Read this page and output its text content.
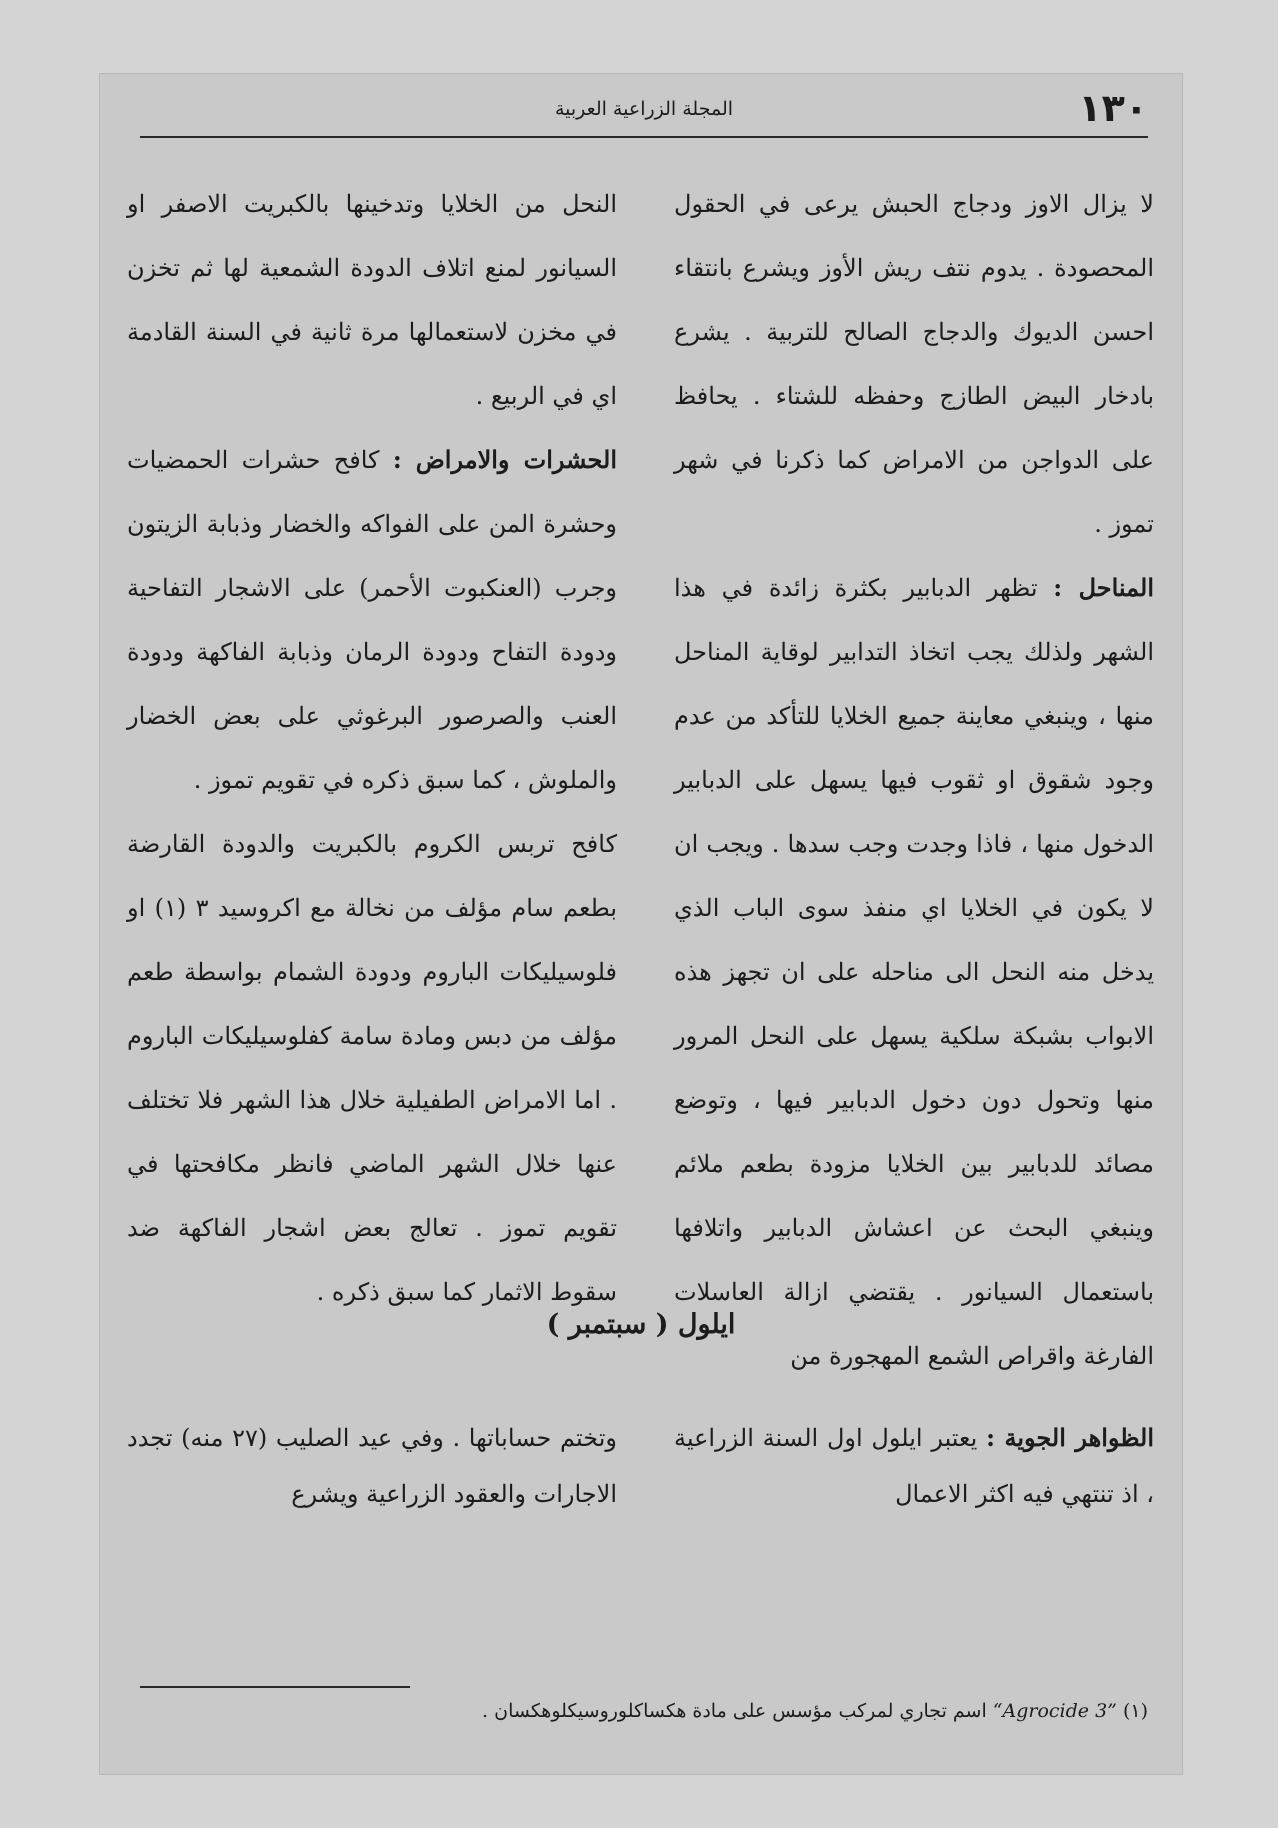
١٣٠
المجلة الزراعية العربية

لا يزال الاوز ودجاج الحبش يرعى في الحقول المحصودة . يدوم نتف ريش الأوز ويشرع بانتقاء احسن الديوك والدجاج الصالح للتربية . يشرع بادخار البيض الطازج وحفظه للشتاء . يحافظ على الدواجن من الامراض كما ذكرنا في شهر تموز .

المناحل : تظهر الدبابير بكثرة زائدة في هذا الشهر ولذلك يجب اتخاذ التدابير لوقاية المناحل منها ، وينبغي معاينة جميع الخلايا للتأكد من عدم وجود شقوق او ثقوب فيها يسهل على الدبابير الدخول منها ، فاذا وجدت وجب سدها . ويجب ان لا يكون في الخلايا اي منفذ سوى الباب الذي يدخل منه النحل الى مناحله على ان تجهز هذه الابواب بشبكة سلكية يسهل على النحل المرور منها وتحول دون دخول الدبابير فيها ، وتوضع مصائد للدبابير بين الخلايا مزودة بطعم ملائم وينبغي البحث عن اعشاش الدبابير واتلافها باستعمال السيانور . يقتضي ازالة العاسلات الفارغة واقراص الشمع المهجورة من

النحل من الخلايا وتدخينها بالكبريت الاصفر او السيانور لمنع اتلاف الدودة الشمعية لها ثم تخزن في مخزن لاستعمالها مرة ثانية في السنة القادمة اي في الربيع .

الحشرات والامراض : كافح حشرات الحمضيات وحشرة المن على الفواكه والخضار وذبابة الزيتون وجرب (العنكبوت الأحمر) على الاشجار التفاحية ودودة التفاح ودودة الرمان وذبابة الفاكهة ودودة العنب والصرصور البرغوثي على بعض الخضار والملوش ، كما سبق ذكره في تقويم تموز .

كافح تربس الكروم بالكبريت والدودة القارضة بطعم سام مؤلف من نخالة مع اكروسيد ٣ (١) او فلوسيليكات الباروم ودودة الشمام بواسطة طعم مؤلف من دبس ومادة سامة كفلوسيليكات الباروم . اما الامراض الطفيلية خلال هذا الشهر فلا تختلف عنها خلال الشهر الماضي فانظر مكافحتها في تقويم تموز . تعالج بعض اشجار الفاكهة ضد سقوط الاثمار كما سبق ذكره .

ايلول ( سبتمبر )

الظواهر الجوية : يعتبر ايلول اول السنة الزراعية ، اذ تنتهي فيه اكثر الاعمال

وتختم حساباتها . وفي عيد الصليب (٢٧ منه) تجدد الاجارات والعقود الزراعية ويشرع

(١) “Agrocide 3” اسم تجاري لمركب مؤسس على مادة هكساكلوروسيكلوهكسان .
